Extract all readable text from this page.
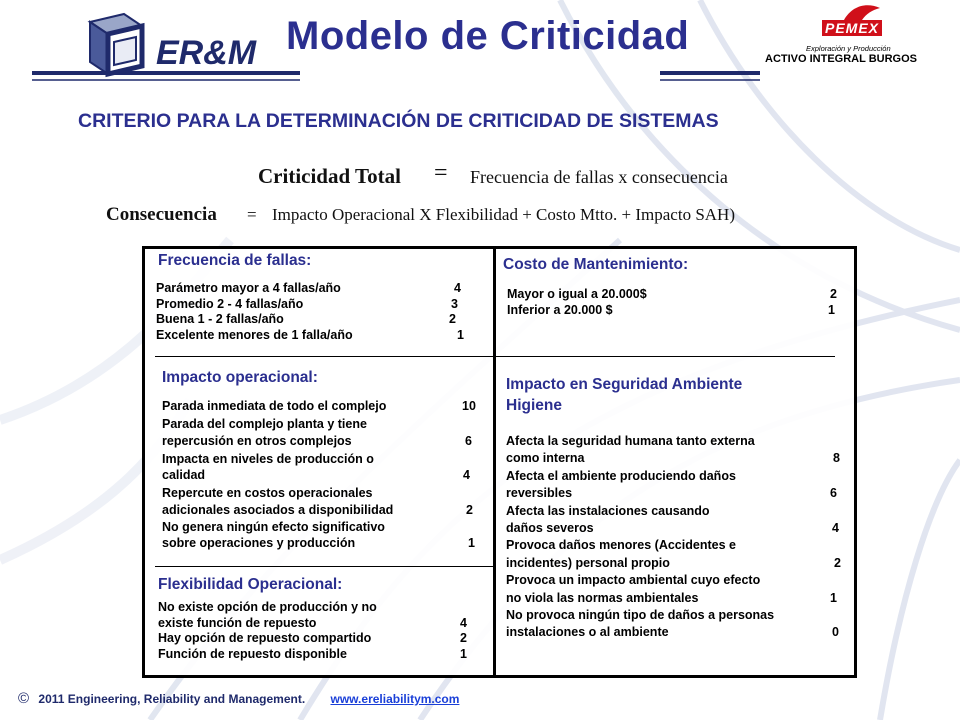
ER&M Modelo de Criticidad	PEMEX
Exploración y Producción
ACTIVO INTEGRAL BURGOS
CRITERIO PARA LA DETERMINACIÓN DE CRITICIDAD DE SISTEMAS
Criticidad Total = Frecuencia de fallas x consecuencia
Consecuencia = Impacto Operacional X Flexibilidad + Costo Mtto. + Impacto SAH)
Frecuencia de fallas:
Parámetro mayor a 4 fallas/año	4
Promedio 2 - 4 fallas/año	3
Buena 1 - 2 fallas/año	2
Excelente menores de 1 falla/año	1
Impacto operacional:
Parada inmediata de todo el complejo	10
Parada del complejo planta y tiene
repercusión en otros complejos	6
Impacta en niveles de producción o
calidad	4
Repercute en costos operacionales
adicionales asociados a disponibilidad	2
No genera ningún efecto significativo
sobre operaciones y producción	1
Flexibilidad Operacional:
No existe opción de producción y no
existe función de repuesto	4
Hay opción de repuesto compartido	2
Función de repuesto disponible	1
Costo de Mantenimiento:
Mayor o igual a 20.000$	2
Inferior a 20.000 $	1
Impacto en Seguridad Ambiente
Higiene
Afecta la seguridad humana tanto externa
como interna	8
Afecta el ambiente produciendo daños
reversibles	6
Afecta las instalaciones causando
daños severos	4
Provoca daños menores (Accidentes e
incidentes) personal propio	2
Provoca un impacto ambiental cuyo efecto
no viola las normas ambientales	1
No provoca ningún tipo de daños a personas
instalaciones o al ambiente	0
© 2011 Engineering, Reliability and Management. www.ereliabilitym.com
